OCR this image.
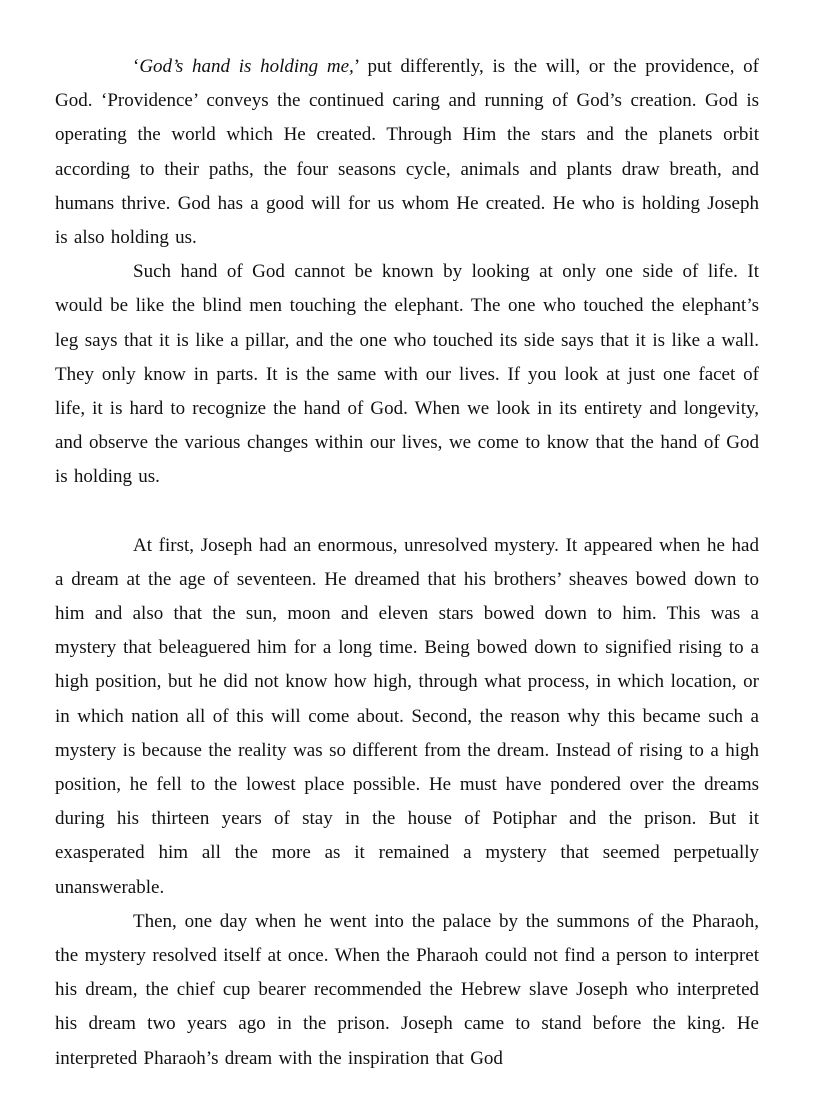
‘God’s hand is holding me,’ put differently, is the will, or the providence, of God. ‘Providence’ conveys the continued caring and running of God’s creation. God is operating the world which He created. Through Him the stars and the planets orbit according to their paths, the four seasons cycle, animals and plants draw breath, and humans thrive. God has a good will for us whom He created. He who is holding Joseph is also holding us.

Such hand of God cannot be known by looking at only one side of life. It would be like the blind men touching the elephant. The one who touched the elephant’s leg says that it is like a pillar, and the one who touched its side says that it is like a wall. They only know in parts. It is the same with our lives. If you look at just one facet of life, it is hard to recognize the hand of God. When we look in its entirety and longevity, and observe the various changes within our lives, we come to know that the hand of God is holding us.

At first, Joseph had an enormous, unresolved mystery. It appeared when he had a dream at the age of seventeen. He dreamed that his brothers’ sheaves bowed down to him and also that the sun, moon and eleven stars bowed down to him. This was a mystery that beleaguered him for a long time. Being bowed down to signified rising to a high position, but he did not know how high, through what process, in which location, or in which nation all of this will come about. Second, the reason why this became such a mystery is because the reality was so different from the dream. Instead of rising to a high position, he fell to the lowest place possible. He must have pondered over the dreams during his thirteen years of stay in the house of Potiphar and the prison. But it exasperated him all the more as it remained a mystery that seemed perpetually unanswerable.

Then, one day when he went into the palace by the summons of the Pharaoh, the mystery resolved itself at once. When the Pharaoh could not find a person to interpret his dream, the chief cup bearer recommended the Hebrew slave Joseph who interpreted his dream two years ago in the prison. Joseph came to stand before the king. He interpreted Pharaoh’s dream with the inspiration that God
